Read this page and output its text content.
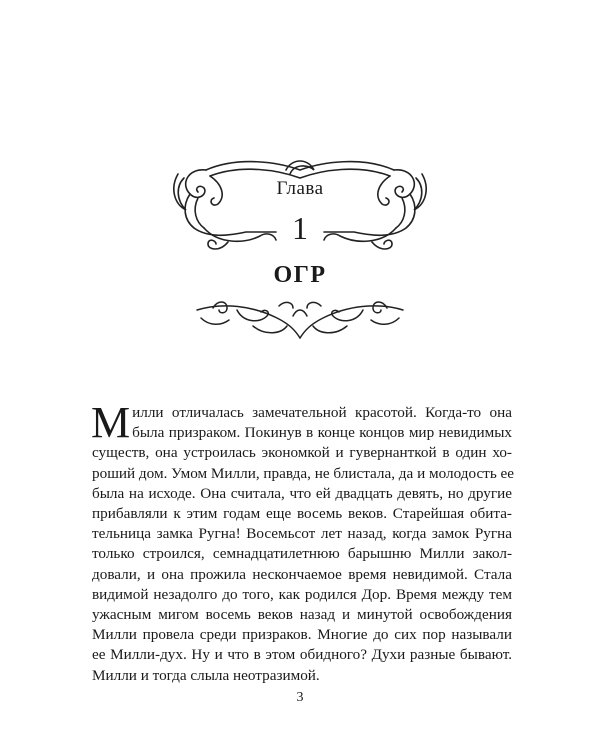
Глава
1
ОГР
М илли отличалась замечательной красотой. Когда-то она
была призраком. Покинув в конце концов мир невидимых
существ, она устроилась экономкой и гувернанткой в один хо-
роший дом. Умом Милли, правда, не блистала, да и молодость ее
была на исходе. Она считала, что ей двадцать девять, но другие
прибавляли к этим годам еще восемь веков. Старейшая обита-
тельница замка Ругна! Восемьсот лет назад, когда замок Ругна
только строился, семнадцатилетнюю барышню Милли закол-
довали, и она прожила нескончаемое время невидимой. Стала
видимой незадолго до того, как родился Дор. Время между тем
ужасным мигом восемь веков назад и минутой освобождения
Милли провела среди призраков. Многие до сих пор называли
ее Милли-дух. Ну и что в этом обидного? Духи разные бывают.
Милли и тогда слыла неотразимой.
3
